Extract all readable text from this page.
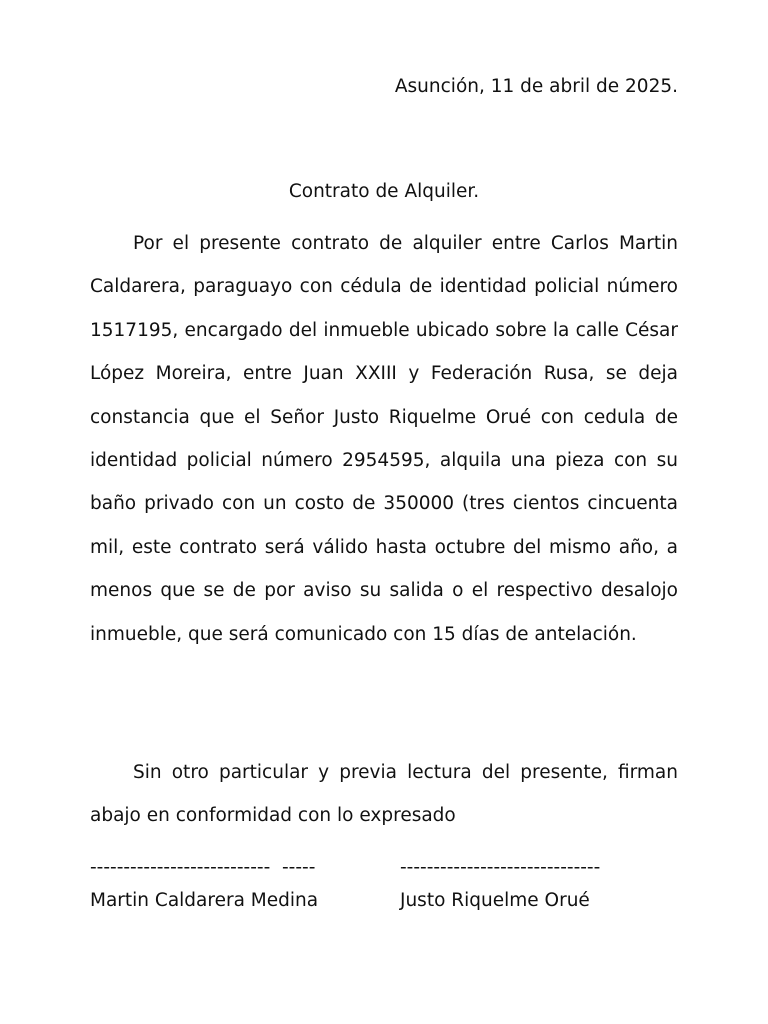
Asunción, 11 de abril de 2025.
Contrato de Alquiler.

Por el presente contrato de alquiler entre Carlos Martin Caldarera, paraguayo con cédula de identidad policial número 1517195, encargado del inmueble ubicado sobre la calle César López Moreira, entre Juan XXIII y Federación Rusa, se deja constancia que el Señor Justo Riquelme Orué con cedula de identidad policial número 2954595, alquila una pieza con su baño privado con un costo de 350000 (tres cientos cincuenta mil, este contrato será válido hasta octubre del mismo año, a menos que se de por aviso su salida o el respectivo desalojo inmueble, que será comunicado con 15 días de antelación.

Sin otro particular y previa lectura del presente, firman abajo en conformidad con lo expresado

---------------------------  -----	------------------------------
Martin Caldarera Medina	Justo Riquelme Orué
